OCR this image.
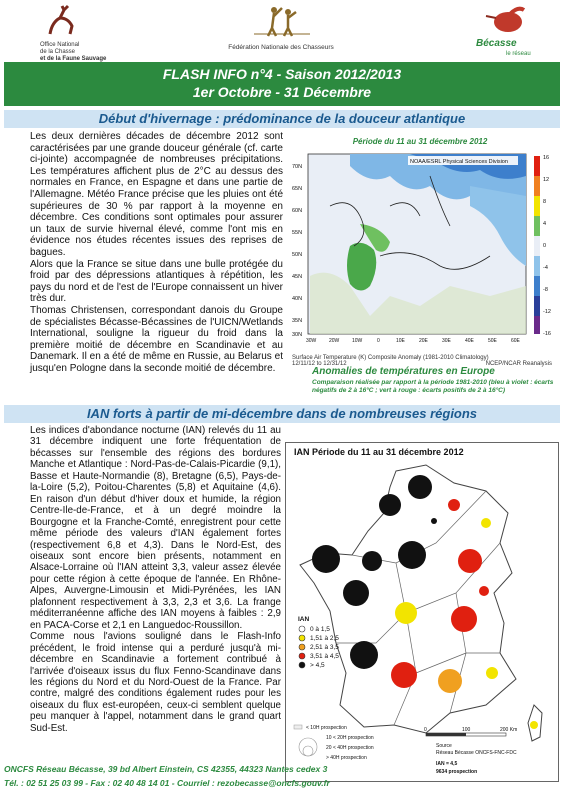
Office National
de la Chasse
et de la Faune Sauvage
Fédération Nationale des Chasseurs	Bécasse
le réseau
FLASH INFO n°4 - Saison 2012/2013
1er Octobre - 31 Décembre
Début d'hivernage : prédominance de la douceur atlantique

Les deux dernières décades de décembre 2012 sont caractérisées par une grande douceur générale (cf. carte ci-jointe) accompagnée de nombreuses précipitations. Les températures affichent plus de 2°C au dessus des normales en France, en Espagne et dans une partie de l'Allemagne. Météo France précise que les pluies ont été supérieures de 30 % par rapport à la moyenne en décembre. Ces conditions sont optimales pour assurer un taux de survie hivernal élevé, comme l'ont mis en évidence nos études récentes issues des reprises de bagues.

Alors que la France se situe dans une bulle protégée du froid par des dépressions atlantiques à répétition, les pays du nord et de l'est de l'Europe connaissent un hiver très dur.

Thomas Christensen, correspondant danois du Groupe de spécialistes Bécasse-Bécassines de l'UICN/Wetlands International, souligne la rigueur du froid dans la première moitié de décembre en Scandinavie et au Danemark. Il en a été de même en Russie, au Belarus et jusqu'en Pologne dans la seconde moitié de décembre.

Période du 11 au 31 décembre 2012
NOAA/ESRL Physical Sciences Division
70N
65N
60N
55N
50N
45N
40N
35N
30N
30W	20W	10W	0	10E	20E	30E	40E	50E	60E
16
12
8
4
0
-4
-8
-12
-16
Surface Air Temperature (K) Composite Anomaly (1981-2010 Climatology)
12/11/12 to 12/31/12	NCEP/NCAR Reanalysis
Anomalies de températures en Europe
Comparaison réalisée par rapport à la période 1981-2010 (bleu à violet : écarts négatifs de 2 à 16°C ; vert à rouge : écarts positifs de 2 à 16°C)
IAN forts à partir de mi-décembre dans de nombreuses régions

Les indices d'abondance nocturne (IAN) relevés du 11 au 31 décembre indiquent une forte fréquentation de bécasses sur l'ensemble des régions des bordures Manche et Atlantique : Nord-Pas-de-Calais-Picardie (9,1), Basse et Haute-Normandie (8), Bretagne (6,5), Pays-de-la-Loire (5,2), Poitou-Charentes (5,8) et Aquitaine (4,6). En raison d'un début d'hiver doux et humide, la région Centre-Ile-de-France, et à un degré moindre la Bourgogne et la Franche-Comté, enregistrent pour cette même période des valeurs d'IAN également fortes (respectivement 6,8 et 4,3). Dans le Nord-Est, des oiseaux sont encore bien présents, notamment en Alsace-Lorraine où l'IAN atteint 3,3, valeur assez élevée pour cette région à cette époque de l'année. En Rhône-Alpes, Auvergne-Limousin et Midi-Pyrénées, les IAN plafonnent respectivement à 3,3, 2,3 et 3,6. La frange méditerranéenne affiche des IAN moyens à faibles : 2,9 en PACA-Corse et 2,1 en Languedoc-Roussillon.

Comme nous l'avions souligné dans le Flash-Info précédent, le froid intense qui a perduré jusqu'à mi-décembre en Scandinavie a fortement contribué à l'arrivée d'oiseaux issus du flux Fenno-Scandinave dans les régions du Nord et du Nord-Ouest de la France. Par contre, malgré des conditions également rudes pour les oiseaux du flux est-européen, ceux-ci semblent quelque peu manquer à l'appel, notamment dans le grand quart Sud-Est.

IAN Période du 11 au 31 décembre 2012
IAN
0 à 1,5
1,51 à 2,5
2,51 à 3,5
3,51 à 4,5
> 4,5
< 10H prospection
10 < 20H prospection
20 < 40H prospection
> 40H prospection
0	100	200 Km
Source
Réseau Bécasse ONCFS-FNC-FDC
IAN = 4,5
9634 prospection
ONCFS Réseau Bécasse, 39 bd Albert Einstein, CS 42355, 44323 Nantes cedex 3
Tél. : 02 51 25 03 99 - Fax : 02 40 48 14 01 - Courriel : rezobecasse@oncfs.gouv.fr
